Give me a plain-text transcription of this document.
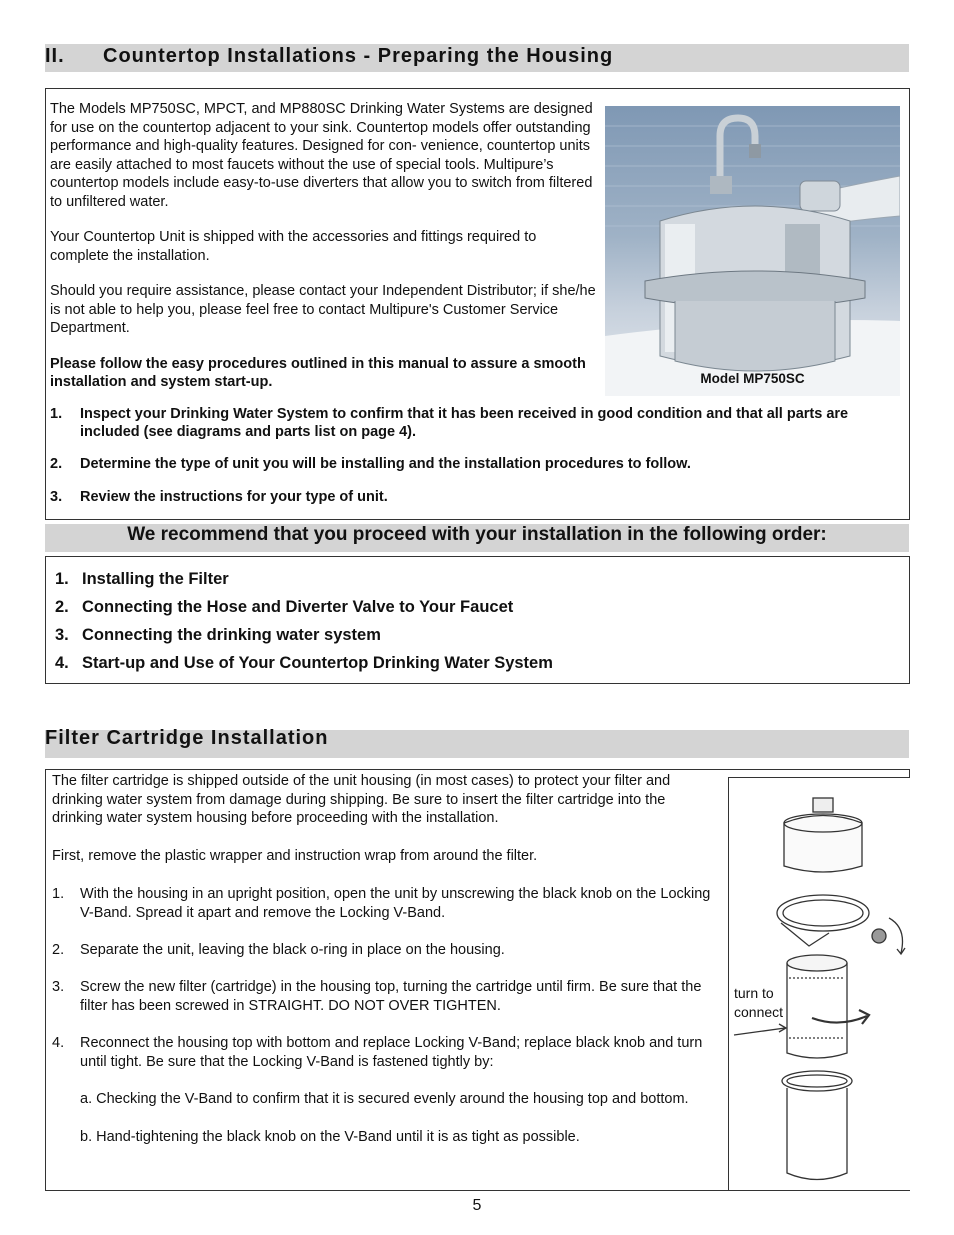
II. Countertop Installations - Preparing the Housing

The Models MP750SC, MPCT, and MP880SC Drinking Water Systems are designed for use on the countertop adjacent to your sink. Countertop models offer outstanding performance and high-quality features. Designed for con- venience, countertop units are easily attached to most faucets without the use of special tools. Multipure’s countertop models include easy-to-use diverters that allow you to switch from filtered to unfiltered water.

Your Countertop Unit is shipped with the accessories and fittings required to complete the installation.

Should you require assistance, please contact your Independent Distributor; if she/he is not able to help you, please feel free to contact Multipure's Customer Service Department.

Please follow the easy procedures outlined in this manual to assure a smooth installation and system start-up.	Model MP750SC
1. Inspect your Drinking Water System to confirm that it has been received in good condition and that all parts are included (see diagrams and parts list on page 4).
2. Determine the type of unit you will be installing and the installation procedures to follow.
3. Review the instructions for your type of unit.
We recommend that you proceed with your installation in the following order:
1. Installing the Filter
2. Connecting the Hose and Diverter Valve to Your Faucet
3. Connecting the drinking water system
4. Start-up and Use of Your Countertop Drinking Water System
Filter Cartridge Installation
The filter cartridge is shipped outside of the unit housing (in most cases) to protect your filter and drinking water system from damage during shipping. Be sure to insert the filter cartridge into the drinking water system housing before proceeding with the installation.
First, remove the plastic wrapper and instruction wrap from around the filter.
1. With the housing in an upright position, open the unit by unscrewing the black knob on the Locking V-Band. Spread it apart and remove the Locking V-Band.
2. Separate the unit, leaving the black o-ring in place on the housing.
3. Screw the new filter (cartridge) in the housing top, turning the cartridge until firm. Be sure that the filter has been screwed in STRAIGHT. DO NOT OVER TIGHTEN.
4. Reconnect the housing top with bottom and replace Locking V-Band; replace black knob and turn until tight. Be sure that the Locking V-Band is fastened tightly by:
a. Checking the V-Band to confirm that it is secured evenly around the housing top and bottom.
b. Hand-tightening the black knob on the V-Band until it is as tight as possible.
turn to
connect
5
